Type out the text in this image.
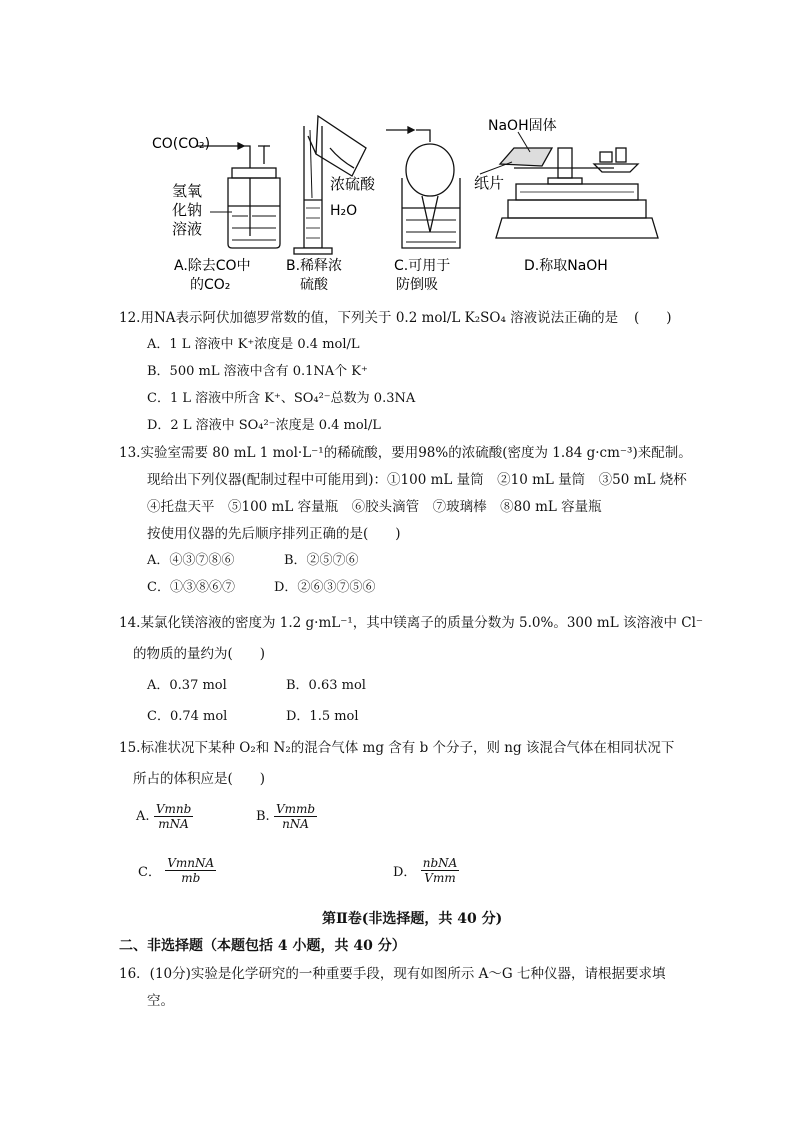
CO(CO₂)
氢氧
化钠
溶液
浓硫酸
H₂O
NaOH固体
纸片
A.除去CO中
的CO₂
B.稀释浓
硫酸
C.可用于
防倒吸
D.称取NaOH
12.用NA表示阿伏加德罗常数的值，下列关于 0.2 mol/L K₂SO₄ 溶液说法正确的是 (　　)
A．1 L 溶液中 K⁺浓度是 0.4 mol/L
B．500 mL 溶液中含有 0.1NA个 K⁺
C．1 L 溶液中所含 K⁺、SO₄²⁻总数为 0.3NA
D．2 L 溶液中 SO₄²⁻浓度是 0.4 mol/L
13.实验室需要 80 mL 1 mol·L⁻¹的稀硫酸，要用98%的浓硫酸(密度为 1.84 g·cm⁻³)来配制。
现给出下列仪器(配制过程中可能用到)：①100 mL 量筒　②10 mL 量筒　③50 mL 烧杯
④托盘天平　⑤100 mL 容量瓶　⑥胶头滴管　⑦玻璃棒　⑧80 mL 容量瓶
按使用仪器的先后顺序排列正确的是(　　)
A．④③⑦⑧⑥	B．②⑤⑦⑥
C．①③⑧⑥⑦	D．②⑥③⑦⑤⑥
14.某氯化镁溶液的密度为 1.2 g·mL⁻¹，其中镁离子的质量分数为 5.0%。300 mL 该溶液中 Cl⁻
的物质的量约为(　　)
A．0.37 mol	B．0.63 mol
C．0.74 mol	D．1.5 mol
15.标准状况下某种 O₂和 N₂的混合气体 mg 含有 b 个分子，则 ng 该混合气体在相同状况下
所占的体积应是(　　)
A. $\frac{\text{Vmnb}}{\text{mNA}}$	B. $\frac{\text{Vmmb}}{\text{nNA}}$
C． $\frac{\text{VmnNA}}{mb}$	D． $\frac{\text{nbNA}}{\text{Vmm}}$
第Ⅱ卷(非选择题，共 40 分)
二、非选择题（本题包括 4 小题，共 40 分）
16．(10分)实验是化学研究的一种重要手段，现有如图所示 A～G 七种仪器，请根据要求填
空。
